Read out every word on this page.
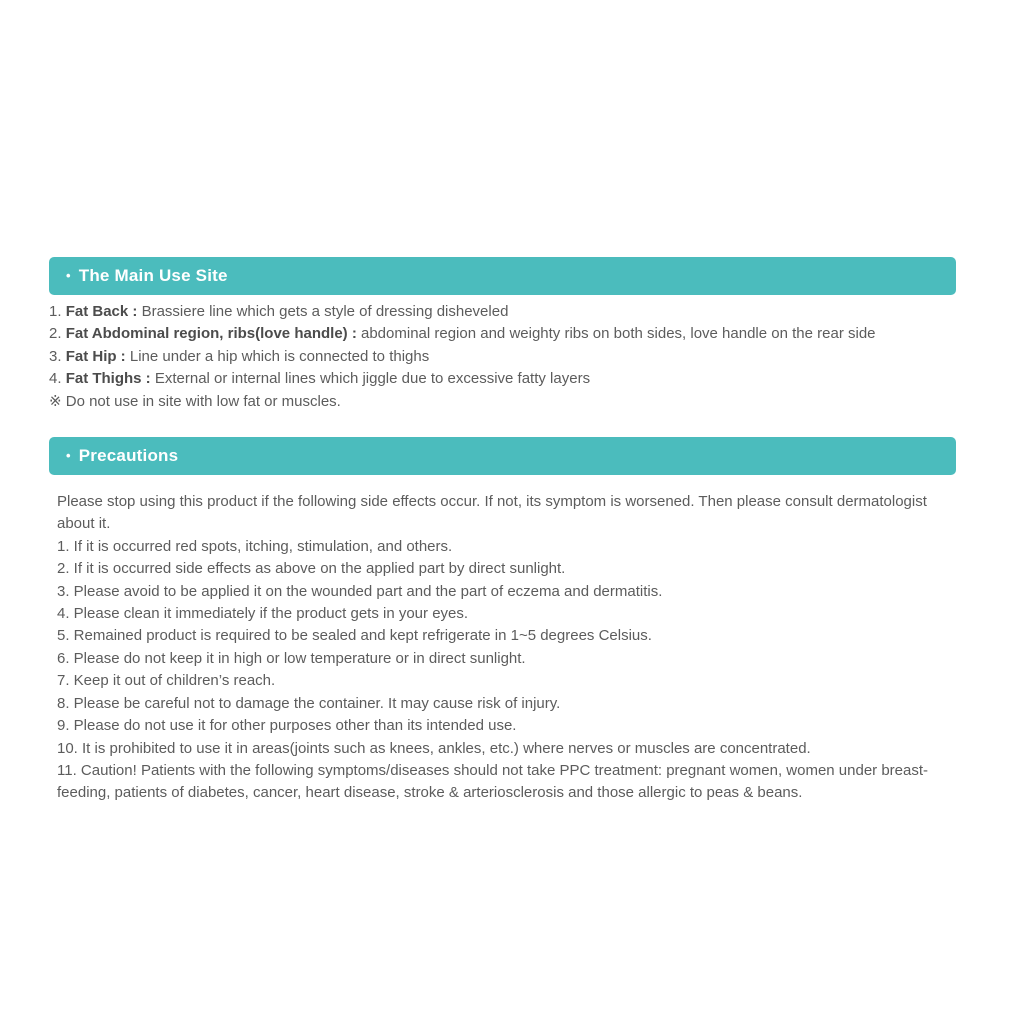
• The Main Use Site
1. Fat Back : Brassiere line which gets a style of dressing disheveled
2. Fat Abdominal region, ribs(love handle) : abdominal region and weighty ribs on both sides, love handle on the rear side
3. Fat Hip : Line under a hip which is connected to thighs
4. Fat Thighs : External or internal lines which jiggle due to excessive fatty layers
※ Do not use in site with low fat or muscles.
• Precautions
Please stop using this product if the following side effects occur. If not, its symptom is worsened. Then please consult dermatologist about it.
1. If it is occurred red spots, itching, stimulation, and others.
2. If it is occurred side effects as above on the applied part by direct sunlight.
3. Please avoid to be applied it on the wounded part and the part of eczema and dermatitis.
4. Please clean it immediately if the product gets in your eyes.
5. Remained product is required to be sealed and kept refrigerate in 1~5 degrees Celsius.
6. Please do not keep it in high or low temperature or in direct sunlight.
7. Keep it out of children’s reach.
8. Please be careful not to damage the container. It may cause risk of injury.
9. Please do not use it for other purposes other than its intended use.
10. It is prohibited to use it in areas(joints such as knees, ankles, etc.) where nerves or muscles are concentrated.
11. Caution! Patients with the following symptoms/diseases should not take PPC treatment: pregnant women, women under breast-feeding, patients of diabetes, cancer, heart disease, stroke & arteriosclerosis and those allergic to peas & beans.
